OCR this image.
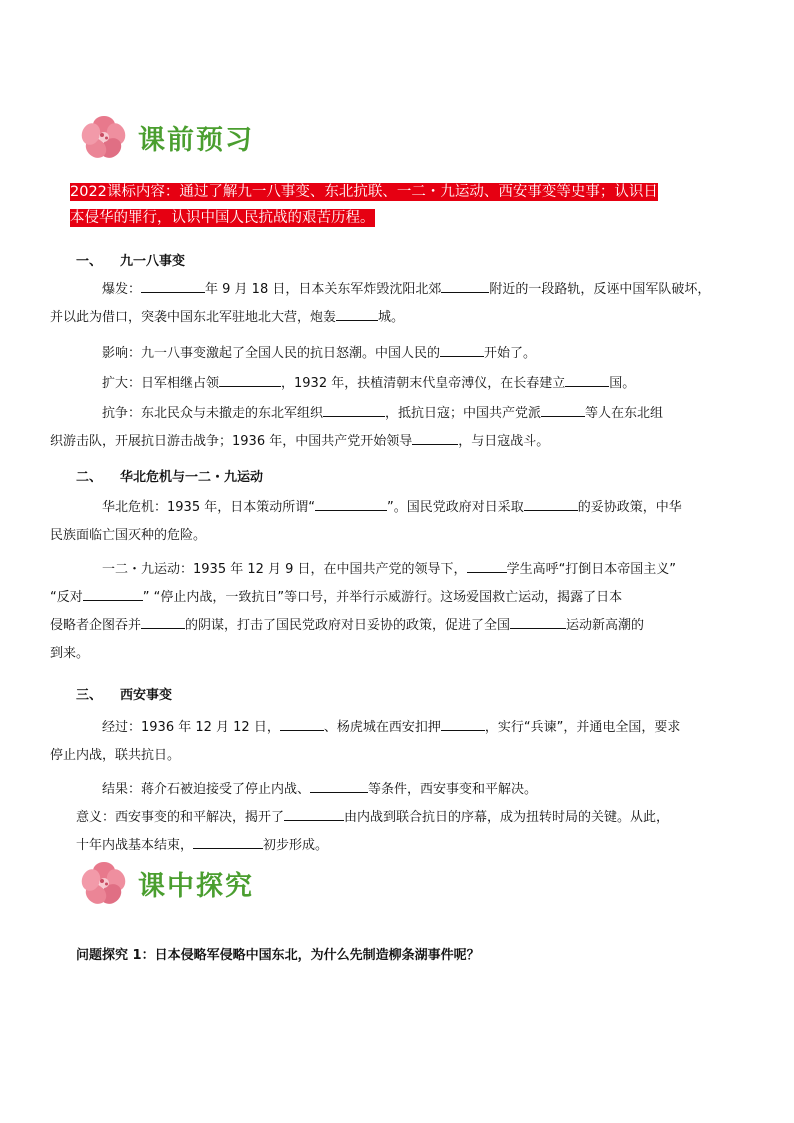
课前预习
2022课标内容：通过了解九一八事变、东北抗联、一二・九运动、西安事变等史事；认识日
本侵华的罪行，认识中国人民抗战的艰苦历程。
一、 九一八事变
爆发：	年 9 月 18 日，日本关东军炸毁沈阳北郊	附近的一段路轨，反诬中国军队破坏，
并以此为借口，突袭中国东北军驻地北大营，炮轰	城。
影响：九一八事变激起了全国人民的抗日怒潮。中国人民的	开始了。
扩大：日军相继占领	，1932 年，扶植清朝末代皇帝溥仪，在长春建立	国。
抗争：东北民众与未撤走的东北军组织	，抵抗日寇；中国共产党派	等人在东北组
织游击队，开展抗日游击战争；1936 年，中国共产党开始领导	，与日寇战斗。
二、 华北危机与一二・九运动
华北危机：1935 年，日本策动所谓“	”。国民党政府对日采取	的妥协政策，中华
民族面临亡国灭种的危险。
一二・九运动：1935 年 12 月 9 日，在中国共产党的领导下，	学生高呼“打倒日本帝国主义”
“反对	” “停止内战，一致抗日”等口号，并举行示威游行。这场爱国救亡运动，揭露了日本
侵略者企图吞并	的阴谋，打击了国民党政府对日妥协的政策，促进了全国	运动新高潮的
到来。
三、 西安事变
经过：1936 年 12 月 12 日，	、杨虎城在西安扣押	，实行“兵谏”，并通电全国，要求
停止内战，联共抗日。
结果：蒋介石被迫接受了停止内战、	等条件，西安事变和平解决。
意义：西安事变的和平解决，揭开了	由内战到联合抗日的序幕，成为扭转时局的关键。从此，
十年内战基本结束，	初步形成。
课中探究
问题探究 1：日本侵略军侵略中国东北，为什么先制造柳条湖事件呢？
